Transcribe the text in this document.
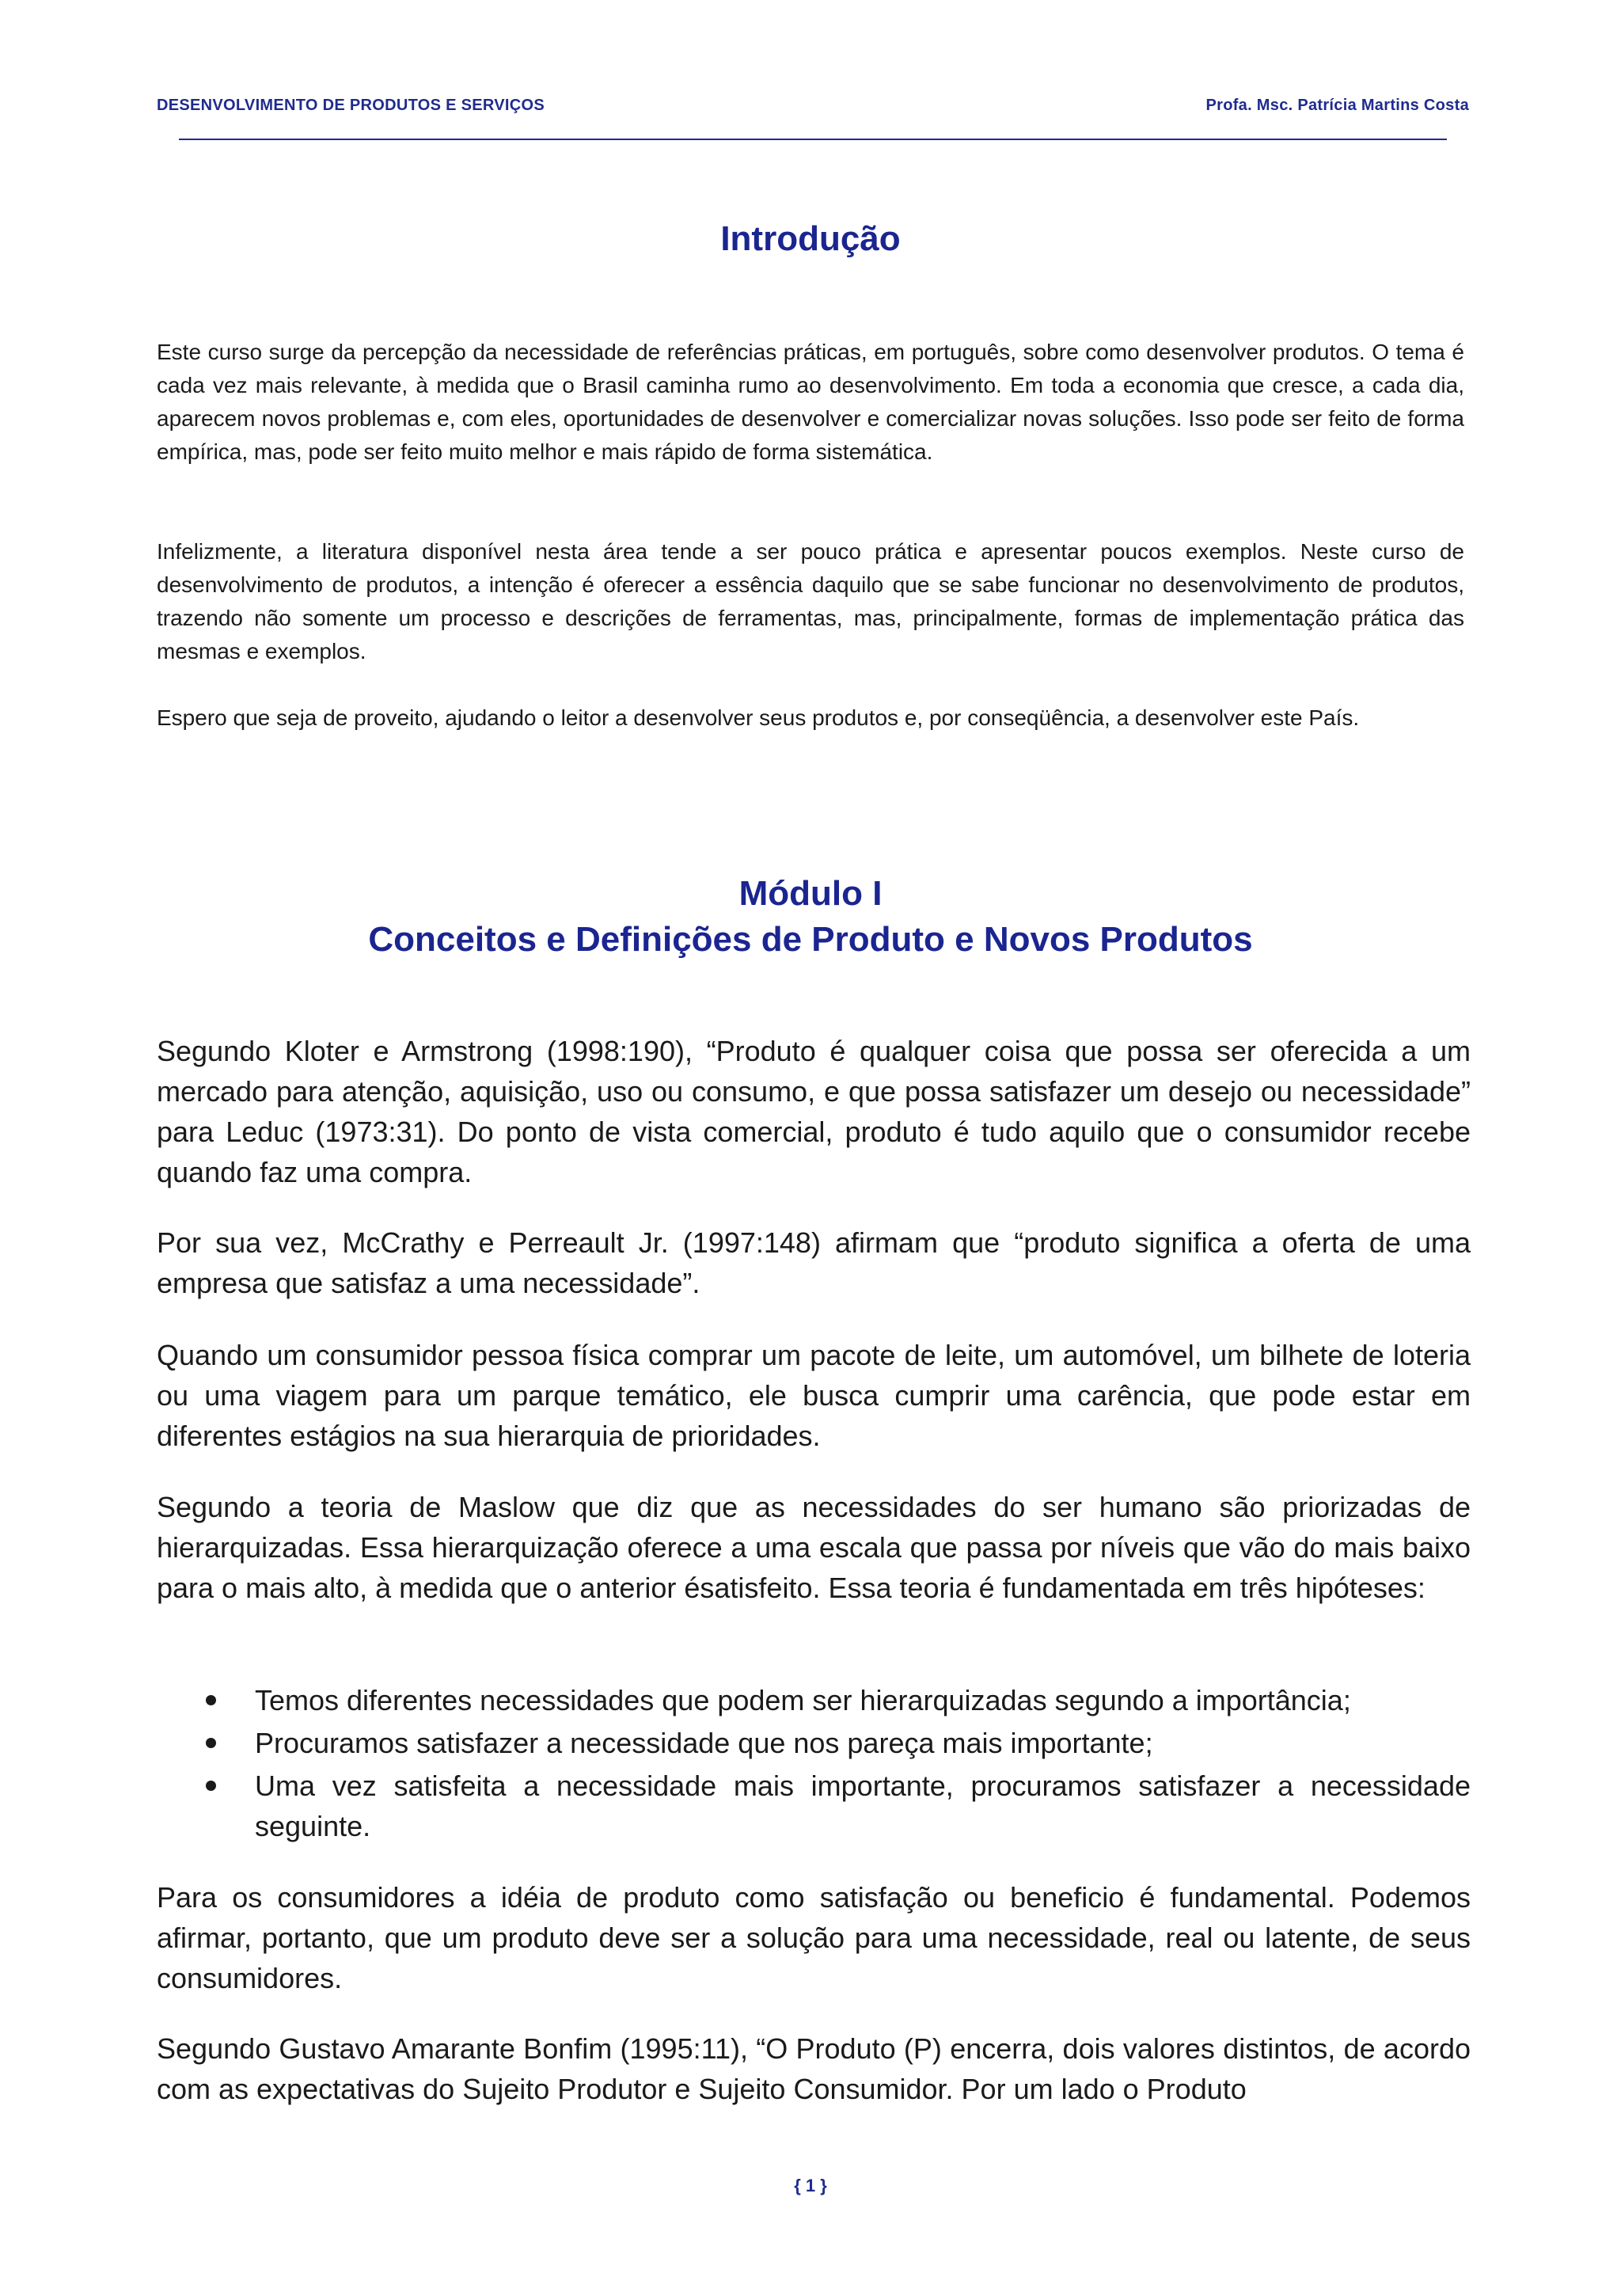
DESENVOLVIMENTO DE PRODUTOS E SERVIÇOS	Profa. Msc. Patrícia Martins Costa
Introdução

Este curso surge da percepção da necessidade de referências práticas, em português, sobre como desenvolver produtos. O tema é cada vez mais relevante, à medida que o Brasil caminha rumo ao desenvolvimento. Em toda a economia que cresce, a cada dia, aparecem novos problemas e, com eles, oportunidades de desenvolver e comercializar novas soluções. Isso pode ser feito de forma empírica, mas, pode ser feito muito melhor e mais rápido de forma sistemática.

Infelizmente, a literatura disponível nesta área tende a ser pouco prática e apresentar poucos exemplos. Neste curso de desenvolvimento de produtos, a intenção é oferecer a essência daquilo que se sabe funcionar no desenvolvimento de produtos, trazendo não somente um processo e descrições de ferramentas, mas, principalmente, formas de implementação prática das mesmas e exemplos.

Espero que seja de proveito, ajudando o leitor a desenvolver seus produtos e, por conseqüência, a desenvolver este País.

Módulo I
Conceitos e Definições de Produto e Novos Produtos

Segundo Kloter e Armstrong (1998:190), “Produto é qualquer coisa que possa ser oferecida a um mercado para atenção, aquisição, uso ou consumo, e que possa satisfazer um desejo ou necessidade” para Leduc (1973:31). Do ponto de vista comercial, produto é tudo aquilo que o consumidor recebe quando faz uma compra.

Por sua vez, McCrathy e Perreault Jr. (1997:148) afirmam que “produto significa a oferta de uma empresa que satisfaz a uma necessidade”.

Quando um consumidor pessoa física comprar um pacote de leite, um automóvel, um bilhete de loteria ou uma viagem para um parque temático, ele busca cumprir uma carência, que pode estar em diferentes estágios na sua hierarquia de prioridades.

Segundo a teoria de Maslow que diz que as necessidades do ser humano são priorizadas de hierarquizadas. Essa hierarquização oferece a uma escala que passa por níveis que vão do mais baixo para o mais alto, à medida que o anterior ésatisfeito. Essa teoria é fundamentada em três hipóteses:

Temos diferentes necessidades que podem ser hierarquizadas segundo a importância;
Procuramos satisfazer a necessidade que nos pareça mais importante;
Uma vez satisfeita a necessidade mais importante, procuramos satisfazer a necessidade seguinte.

Para os consumidores a idéia de produto como satisfação ou beneficio é fundamental. Podemos afirmar, portanto, que um produto deve ser a solução para uma necessidade, real ou latente, de seus consumidores.

Segundo Gustavo Amarante Bonfim (1995:11), “O Produto (P) encerra, dois valores distintos, de acordo com as expectativas do Sujeito Produtor e Sujeito Consumidor. Por um lado o Produto

{ 1 }
